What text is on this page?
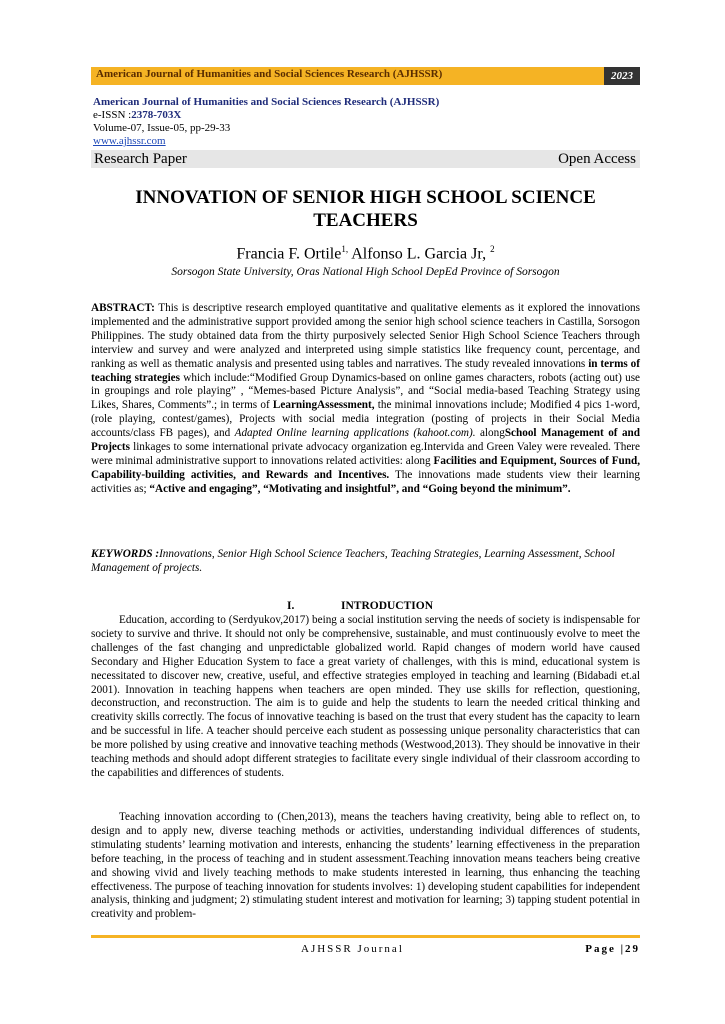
American Journal of Humanities and Social Sciences Research (AJHSSR)	2023
American Journal of Humanities and Social Sciences Research (AJHSSR)
e-ISSN :2378-703X
Volume-07, Issue-05, pp-29-33
www.ajhssr.com
Research Paper	Open Access
INNOVATION OF SENIOR HIGH SCHOOL SCIENCE
TEACHERS
Francia F. Ortile$^{1,}$ Alfonso L. Garcia Jr, $^2$
Sorsogon State University, Oras National High School DepEd Province of Sorsogon
ABSTRACT: This is descriptive research employed quantitative and qualitative elements as it explored the innovations implemented and the administrative support provided among the senior high school science teachers in Castilla, Sorsogon Philippines. The study obtained data from the thirty purposively selected Senior High School Science Teachers through interview and survey and were analyzed and interpreted using simple statistics like frequency count, percentage, and ranking as well as thematic analysis and presented using tables and narratives. The study revealed innovations in terms of teaching strategies which include:“Modified Group Dynamics-based on online games characters, robots (acting out) use in groupings and role playing” , “Memes-based Picture Analysis”, and “Social media-based Teaching Strategy using Likes, Shares, Comments”.; in terms of LearningAssessment, the minimal innovations include; Modified 4 pics 1-word, (role playing, contest/games), Projects with social media integration (posting of projects in their Social Media accounts/class FB pages), and Adapted Online learning applications (kahoot.com). alongSchool Management of and Projects linkages to some international private advocacy organization eg.Intervida and Green Valey were revealed. There were minimal administrative support to innovations related activities: along Facilities and Equipment, Sources of Fund, Capability-building activities, and Rewards and Incentives. The innovations made students view their learning activities as; “Active and engaging”, “Motivating and insightful”, and “Going beyond the minimum”.
KEYWORDS :Innovations, Senior High School Science Teachers, Teaching Strategies, Learning Assessment, School Management of projects.
I.	INTRODUCTION
Education, according to (Serdyukov,2017) being a social institution serving the needs of society is indispensable for society to survive and thrive. It should not only be comprehensive, sustainable, and must continuously evolve to meet the challenges of the fast changing and unpredictable globalized world. Rapid changes of modern world have caused Secondary and Higher Education System to face a great variety of challenges, with this is mind, educational system is necessitated to discover new, creative, useful, and effective strategies employed in teaching and learning (Bidabadi et.al 2001). Innovation in teaching happens when teachers are open minded. They use skills for reflection, questioning, deconstruction, and reconstruction. The aim is to guide and help the students to learn the needed critical thinking and creativity skills correctly. The focus of innovative teaching is based on the trust that every student has the capacity to learn and be successful in life. A teacher should perceive each student as possessing unique personality characteristics that can be more polished by using creative and innovative teaching methods (Westwood,2013). They should be innovative in their teaching methods and should adopt different strategies to facilitate every single individual of their classroom according to the capabilities and differences of students.
Teaching innovation according to (Chen,2013), means the teachers having creativity, being able to reflect on, to design and to apply new, diverse teaching methods or activities, understanding individual differences of students, stimulating students’ learning motivation and interests, enhancing the students’ learning effectiveness in the preparation before teaching, in the process of teaching and in student assessment.Teaching innovation means teachers being creative and showing vivid and lively teaching methods to make students interested in learning, thus enhancing the teaching effectiveness. The purpose of teaching innovation for students involves: 1) developing student capabilities for independent analysis, thinking and judgment; 2) stimulating student interest and motivation for learning; 3) tapping student potential in creativity and problem-
AJHSSR Journal	Page |29
